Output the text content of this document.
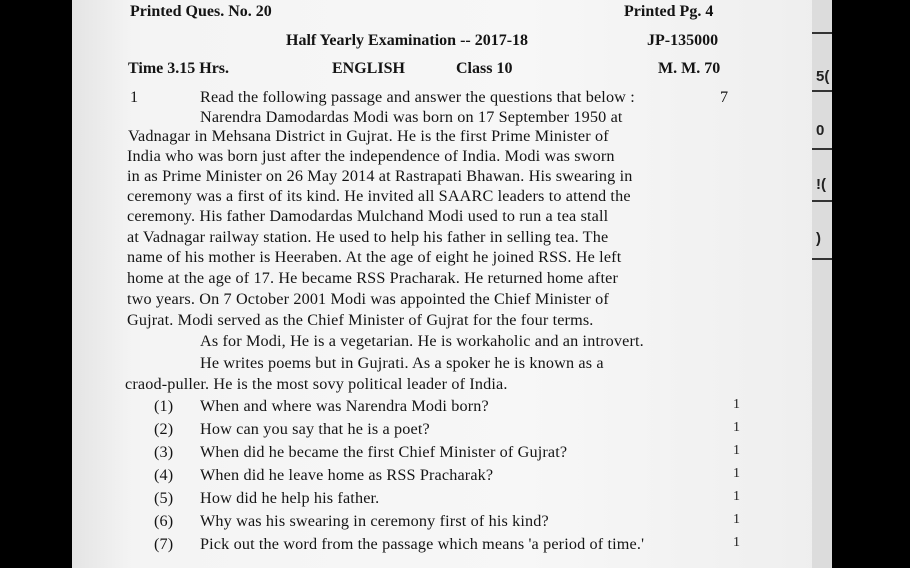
Printed Ques. No. 20	Printed Pg. 4
Half Yearly Examination -- 2017-18	JP-135000
Time 3.15 Hrs.	ENGLISH	Class 10	M. M. 70
1	Read the following passage and answer the questions that below :	7
Narendra Damodardas Modi was born on 17 September 1950 at
Vadnagar in Mehsana District in Gujrat. He is the first Prime Minister of
India who was born just after the independence of India. Modi was sworn
in as Prime Minister on 26 May 2014 at Rastrapati Bhawan. His swearing in
ceremony was a first of its kind. He invited all SAARC leaders to attend the
ceremony. His father Damodardas Mulchand Modi used to run a tea stall
at Vadnagar railway station. He used to help his father in selling tea. The
name of his mother is Heeraben. At the age of eight he joined RSS. He left
home at the age of 17. He became RSS Pracharak. He returned home after
two years. On 7 October 2001 Modi was appointed the Chief Minister of
Gujrat. Modi served as the Chief Minister of Gujrat for the four terms.
As for Modi, He is a vegetarian. He is workaholic and an introvert.
He writes poems but in Gujrati. As a spoker he is known as a
craod-puller. He is the most sovy political leader of India.
(1) When and where was Narendra Modi born?	1
(2) How can you say that he is a poet?	1
(3) When did he became the first Chief Minister of Gujrat?	1
(4) When did he leave home as RSS Pracharak?	1
(5) How did he help his father.	1
(6) Why was his swearing in ceremony first of his kind?	1
(7) Pick out the word from the passage which means 'a period of time.'	1
5(
0
!(
)
